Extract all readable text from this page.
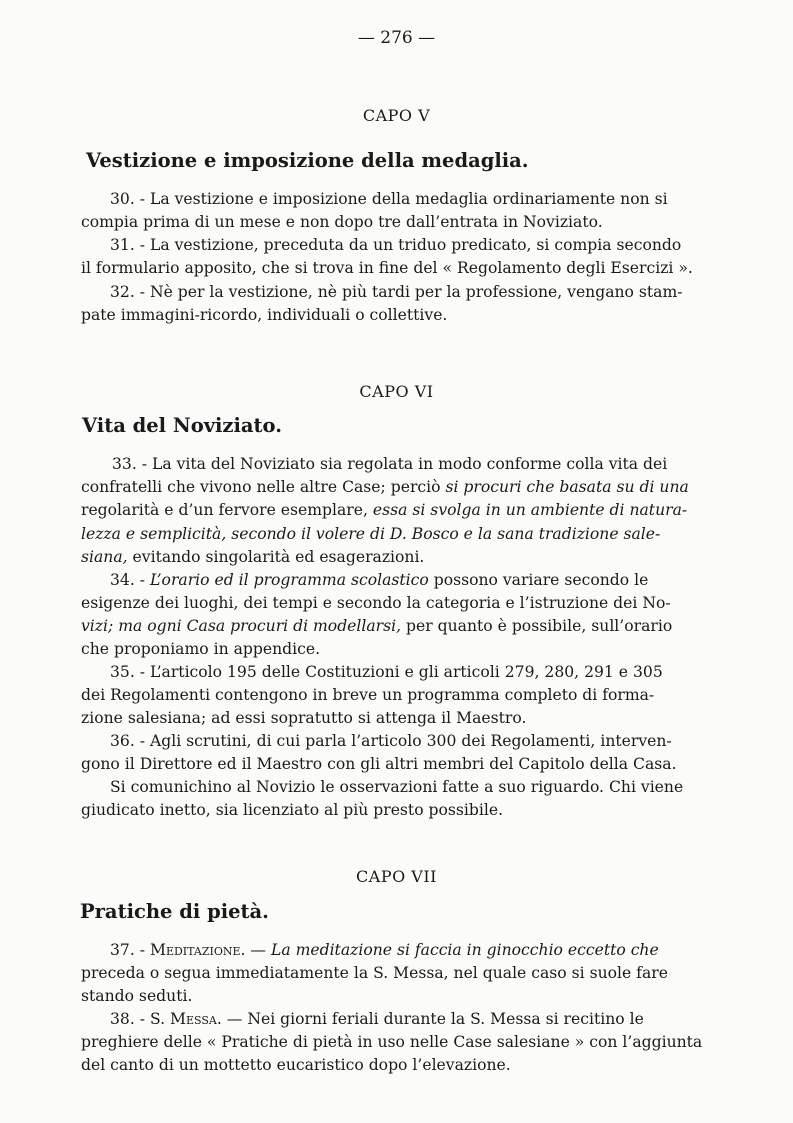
— 276 —
CAPO V
Vestizione e imposizione della medaglia.
30. - La vestizione e imposizione della medaglia ordinariamente non si
compia prima di un mese e non dopo tre dall’entrata in Noviziato.
31. - La vestizione, preceduta da un triduo predicato, si compia secondo
il formulario apposito, che si trova in fine del « Regolamento degli Esercizi ».
32. - Nè per la vestizione, nè più tardi per la professione, vengano stam-
pate immagini-ricordo, individuali o collettive.
CAPO VI
Vita del Noviziato.
33. - La vita del Noviziato sia regolata in modo conforme colla vita dei
confratelli che vivono nelle altre Case; perciò si procuri che basata su di una
regolarità e d’un fervore esemplare, essa si svolga in un ambiente di natura-
lezza e semplicità, secondo il volere di D. Bosco e la sana tradizione sale-
siana, evitando singolarità ed esagerazioni.
34. - L’orario ed il programma scolastico possono variare secondo le
esigenze dei luoghi, dei tempi e secondo la categoria e l’istruzione dei No-
vizi; ma ogni Casa procuri di modellarsi, per quanto è possibile, sull’orario
che proponiamo in appendice.
35. - L’articolo 195 delle Costituzioni e gli articoli 279, 280, 291 e 305
dei Regolamenti contengono in breve un programma completo di forma-
zione salesiana; ad essi sopratutto si attenga il Maestro.
36. - Agli scrutini, di cui parla l’articolo 300 dei Regolamenti, interven-
gono il Direttore ed il Maestro con gli altri membri del Capitolo della Casa.
Si comunichino al Novizio le osservazioni fatte a suo riguardo. Chi viene
giudicato inetto, sia licenziato al più presto possibile.
CAPO VII
Pratiche di pietà.
37. - Meditazione. — La meditazione si faccia in ginocchio eccetto che
preceda o segua immediatamente la S. Messa, nel quale caso si suole fare
stando seduti.
38. - S. Messa. — Nei giorni feriali durante la S. Messa si recitino le
preghiere delle « Pratiche di pietà in uso nelle Case salesiane » con l’aggiunta
del canto di un mottetto eucaristico dopo l’elevazione.
